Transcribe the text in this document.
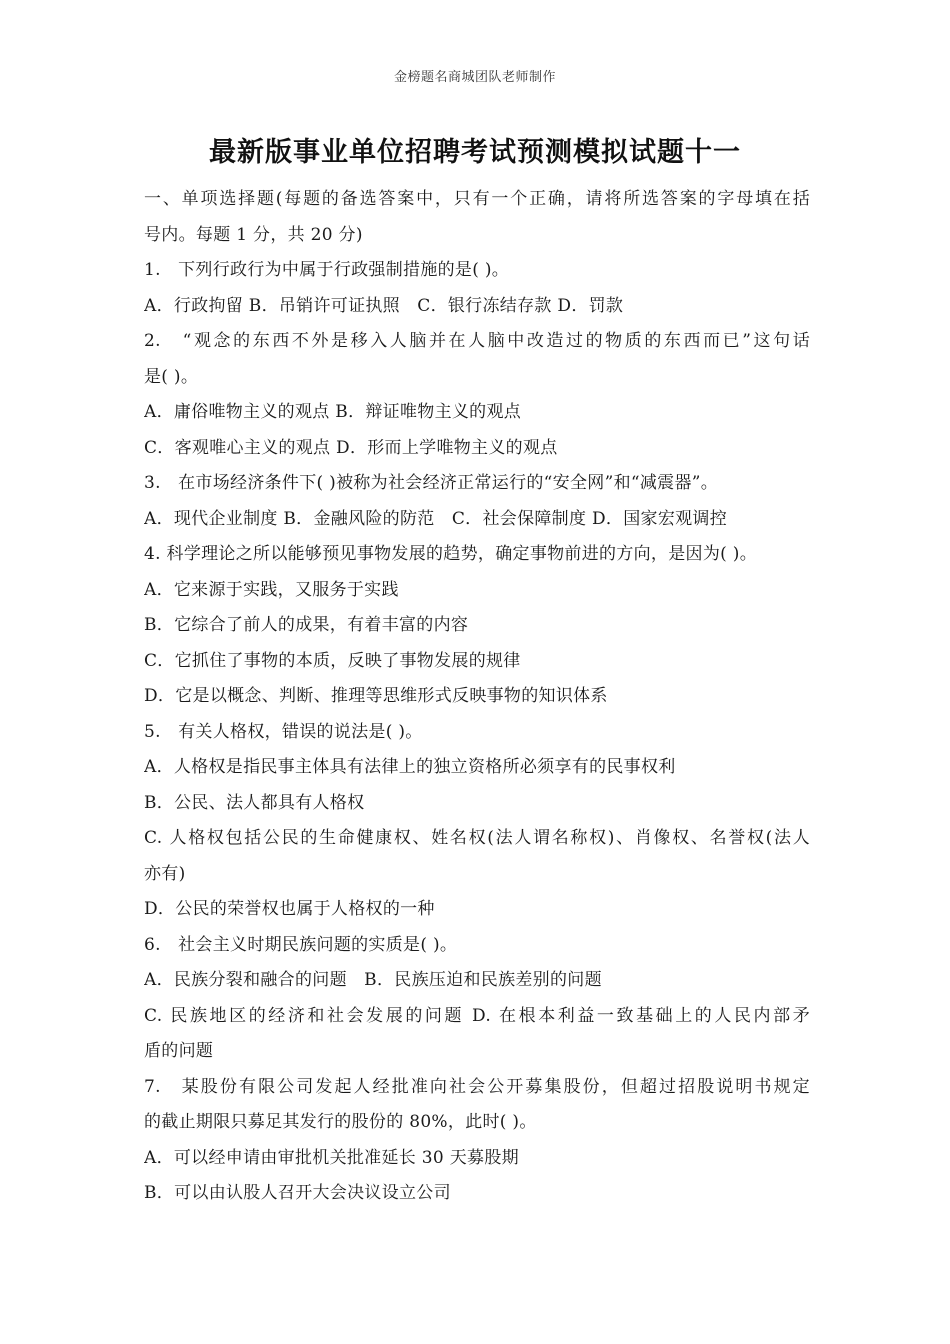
金榜题名商城团队老师制作
最新版事业单位招聘考试预测模拟试题十一
一、单项选择题(每题的备选答案中，只有一个正确，请将所选答案的字母填在括
号内。每题 1 分，共 20 分)
1.　下列行政行为中属于行政强制措施的是( )。
A．行政拘留 B．吊销许可证执照　C．银行冻结存款 D．罚款
2.　“观念的东西不外是移入人脑并在人脑中改造过的物质的东西而已”这句话
是( )。
A．庸俗唯物主义的观点 B．辩证唯物主义的观点
C．客观唯心主义的观点 D．形而上学唯物主义的观点
3.　在市场经济条件下( )被称为社会经济正常运行的“安全网”和“减震器”。
A．现代企业制度 B．金融风险的防范　C．社会保障制度 D．国家宏观调控
4. 科学理论之所以能够预见事物发展的趋势，确定事物前进的方向，是因为( )。
A．它来源于实践，又服务于实践
B．它综合了前人的成果，有着丰富的内容
C．它抓住了事物的本质，反映了事物发展的规律
D．它是以概念、判断、推理等思维形式反映事物的知识体系
5.　有关人格权，错误的说法是( )。
A．人格权是指民事主体具有法律上的独立资格所必须享有的民事权利
B．公民、法人都具有人格权
C. 人格权包括公民的生命健康权、姓名权(法人谓名称权)、肖像权、名誉权(法人
亦有)
D．公民的荣誉权也属于人格权的一种
6.　社会主义时期民族问题的实质是( )。
A．民族分裂和融合的问题　B．民族压迫和民族差别的问题
C. 民族地区的经济和社会发展的问题 D. 在根本利益一致基础上的人民内部矛
盾的问题
7.　某股份有限公司发起人经批准向社会公开募集股份，但超过招股说明书规定
的截止期限只募足其发行的股份的 80%，此时( )。
A．可以经申请由审批机关批准延长 30 天募股期
B．可以由认股人召开大会决议设立公司
